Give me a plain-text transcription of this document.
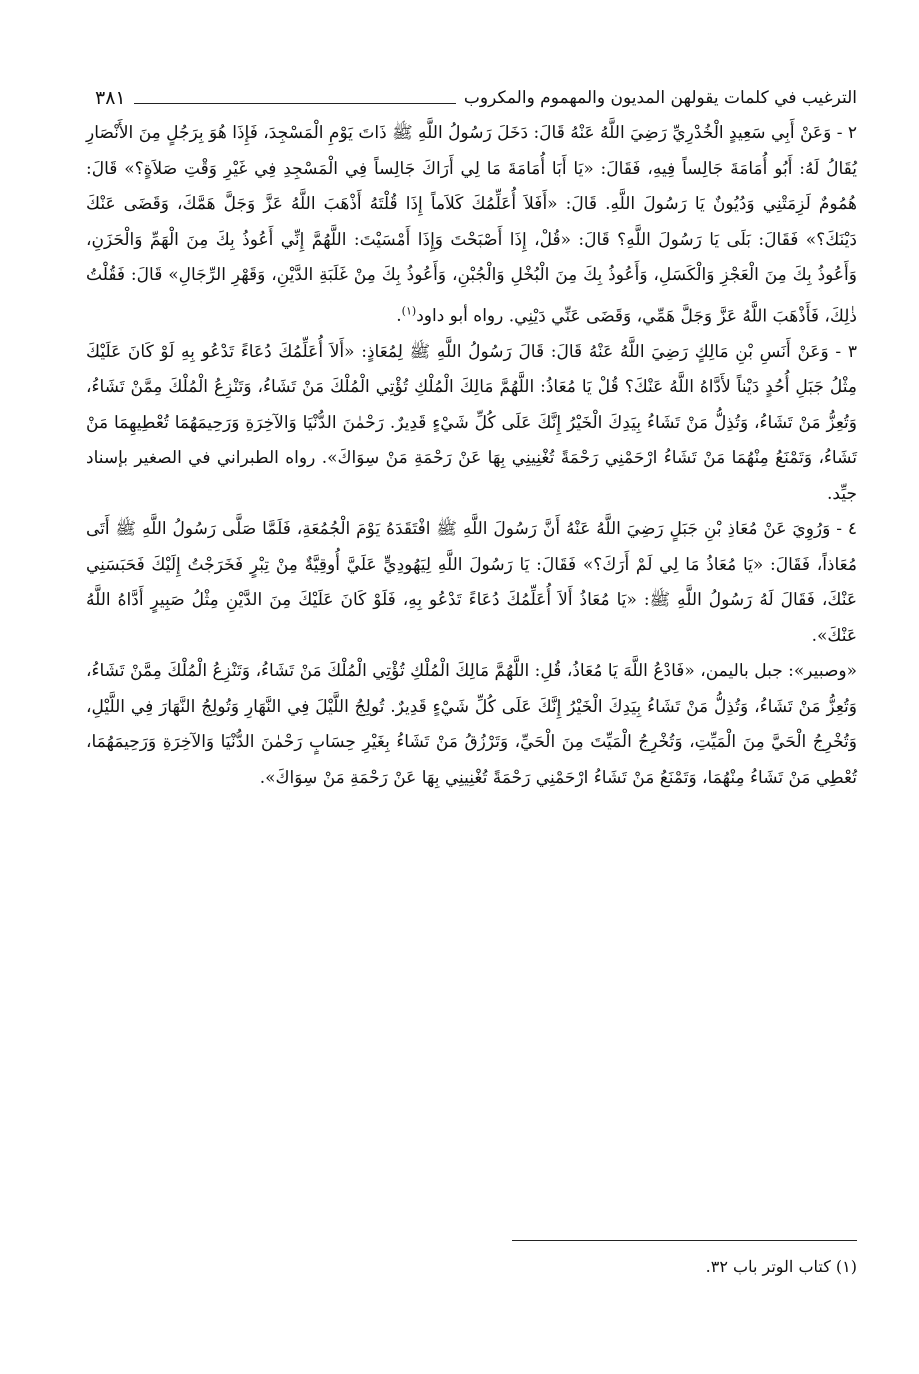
الترغيب في كلمات يقولهن المديون والمهموم والمكروب
٣٨١

٢ - وَعَنْ أَبِي سَعِيدٍ الْخُدْرِيِّ رَضِيَ اللَّهُ عَنْهُ قَالَ: دَخَلَ رَسُولُ اللَّهِ ﷺ ذَاتَ يَوْمِ الْمَسْجِدَ، فَإِذَا هُوَ بِرَجُلٍ مِنَ الأَنْصَارِ يُقَالُ لَهُ: أَبُو أُمَامَةَ جَالِساً فِيهِ، فَقَالَ: «يَا أَبَا أُمَامَةَ مَا لِي أَرَاكَ جَالِساً فِي الْمَسْجِدِ فِي غَيْرِ وَقْتِ صَلاَةٍ؟» قَالَ: هُمُومٌ لَزِمَتْنِي وَدُيُونٌ يَا رَسُولَ اللَّهِ. قَالَ: «أَفَلاَ أُعَلِّمُكَ كَلاَماً إِذَا قُلْتَهُ أَذْهَبَ اللَّهُ عَزَّ وَجَلَّ هَمَّكَ، وَقَضَى عَنْكَ دَيْنَكَ؟» فَقَالَ: بَلَى يَا رَسُولَ اللَّهِ؟ قَالَ: «قُلْ، إِذَا أَصْبَحْتَ وَإِذَا أَمْسَيْتَ: اللَّهُمَّ إِنِّي أَعُوذُ بِكَ مِنَ الْهَمِّ وَالْحَزَنِ، وَأَعُوذُ بِكَ مِنَ الْعَجْزِ وَالْكَسَلِ، وَأَعُوذُ بِكَ مِنَ الْبُخْلِ وَالْجُبْنِ، وَأَعُوذُ بِكَ مِنْ غَلَبَةِ الدَّيْنِ، وَقَهْرِ الرِّجَالِ» قَالَ: فَقُلْتُ ذٰلِكَ، فَأَذْهَبَ اللَّهُ عَزَّ وَجَلَّ هَمِّي، وَقَضَى عَنِّي دَيْنِي. رواه أبو داود$^{(١)}$.

٣ - وَعَنْ أَنَسِ بْنِ مَالِكٍ رَضِيَ اللَّهُ عَنْهُ قَالَ: قَالَ رَسُولُ اللَّهِ ﷺ لِمُعَاذٍ: «أَلاَ أُعَلِّمُكَ دُعَاءً تَدْعُو بِهِ لَوْ كَانَ عَلَيْكَ مِثْلُ جَبَلِ أُحُدٍ دَيْناً لأَدَّاهُ اللَّهُ عَنْكَ؟ قُلْ يَا مُعَاذُ: اللَّهُمَّ مَالِكَ الْمُلْكِ تُؤْتِي الْمُلْكَ مَنْ تَشَاءُ، وَتَنْزِعُ الْمُلْكَ مِمَّنْ تَشَاءُ، وَتُعِزُّ مَنْ تَشَاءُ، وَتُذِلُّ مَنْ تَشَاءُ بِيَدِكَ الْخَيْرُ إِنَّكَ عَلَى كُلِّ شَيْءٍ قَدِيرٌ. رَحْمٰنَ الدُّنْيَا وَالآخِرَةِ وَرَحِيمَهُمَا تُعْطِيهِمَا مَنْ تَشَاءُ، وَتَمْنَعُ مِنْهُمَا مَنْ تَشَاءُ ارْحَمْنِي رَحْمَةً تُغْنِينِي بِهَا عَنْ رَحْمَةِ مَنْ سِوَاكَ». رواه الطبراني في الصغير بإسناد جيِّد.

٤ - وَرُوِيَ عَنْ مُعَاذِ بْنِ جَبَلٍ رَضِيَ اللَّهُ عَنْهُ أَنَّ رَسُولَ اللَّهِ ﷺ افْتَقَدَهُ يَوْمَ الْجُمُعَةِ، فَلَمَّا صَلَّى رَسُولُ اللَّهِ ﷺ أَتَى مُعَاذاً، فَقَالَ: «يَا مُعَاذُ مَا لِي لَمْ أَرَكَ؟» فَقَالَ: يَا رَسُولَ اللَّهِ لِيَهُودِيٍّ عَلَيَّ أُوقِيَّةٌ مِنْ تِبْرٍ فَخَرَجْتُ إِلَيْكَ فَحَبَسَنِي عَنْكَ، فَقَالَ لَهُ رَسُولُ اللَّهِ ﷺ: «يَا مُعَاذُ أَلاَ أُعَلِّمُكَ دُعَاءً تَدْعُو بِهِ، فَلَوْ كَانَ عَلَيْكَ مِنَ الدَّيْنِ مِثْلُ صَبِيرٍ أَدَّاهُ اللَّهُ عَنْكَ».

«وصبير»: جبل باليمن، «فَادْعُ اللَّهَ يَا مُعَاذُ، قُلِ: اللَّهُمَّ مَالِكَ الْمُلْكِ تُؤْتِي الْمُلْكَ مَنْ تَشَاءُ، وَتَنْزِعُ الْمُلْكَ مِمَّنْ تَشَاءُ، وَتُعِزُّ مَنْ تَشَاءُ، وَتُذِلُّ مَنْ تَشَاءُ بِيَدِكَ الْخَيْرُ إِنَّكَ عَلَى كُلِّ شَيْءٍ قَدِيرٌ. تُولِجُ اللَّيْلَ فِي النَّهَارِ وَتُولِجُ النَّهَارَ فِي اللَّيْلِ، وَتُخْرِجُ الْحَيَّ مِنَ الْمَيِّتِ، وَتُخْرِجُ الْمَيِّتَ مِنَ الْحَيِّ، وَتَرْزُقُ مَنْ تَشَاءُ بِغَيْرِ حِسَابٍ رَحْمٰنَ الدُّنْيَا وَالآخِرَةِ وَرَحِيمَهُمَا، تُعْطِي مَنْ تَشَاءُ مِنْهُمَا، وَتَمْنَعُ مَنْ تَشَاءُ ارْحَمْنِي رَحْمَةً تُغْنِينِي بِهَا عَنْ رَحْمَةِ مَنْ سِوَاكَ».

(١) كتاب الوتر باب ٣٢.
